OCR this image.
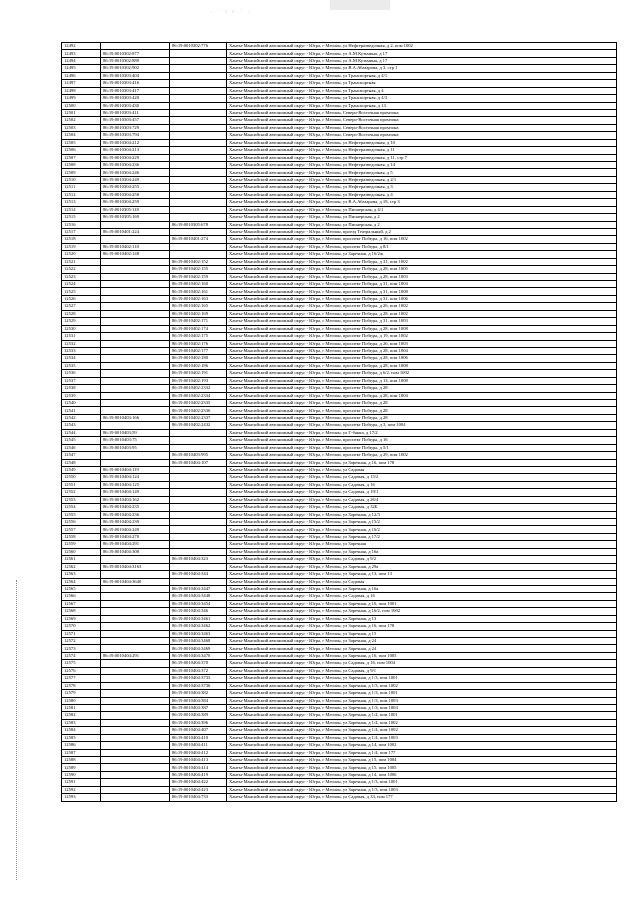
· ˈ ᵛ ᵘ ˈ ·
12492		86:19:0010302:776	Ханты-Мансийский автономный округ - Югра, г Мегион, ул Нефтеразведочная, д 2, пом 1002
12493	86:19:0010302:877		Ханты-Мансийский автономный округ - Югра, г Мегион, ул А.М.Кузьмина, д 17
12494	86:19:0010302:880		Ханты-Мансийский автономный округ - Югра, г Мегион, ул А.М.Кузьмина, д 17
12495	86:19:0010302:902		Ханты-Мансийский автономный округ - Югра, г Мегион, ул В.А.Абазарова, д 3, стр 1
12496	86:19:0010303:404		Ханты-Мансийский автономный округ - Югра, г Мегион, ул Транспортная, д 4/1
12497	86:19:0010303:416		Ханты-Мансийский автономный округ - Югра, г Мегион, ул Транспортная
12498	86:19:0010303:417		Ханты-Мансийский автономный округ - Югра, г Мегион, ул Транспортная, д 4
12499	86:19:0010303:420		Ханты-Мансийский автономный округ - Югра, г Мегион, ул Транспортная, д 4/3
12500	86:19:0010303:430		Ханты-Мансийский автономный округ - Югра, г Мегион, ул Транспортная, д 13
12501	86:19:0010303:411		Ханты-Мансийский автономный округ - Югра, г Мегион, Северо-Восточная промзона
12502	86:19:0010303:457		Ханты-Мансийский автономный округ - Югра, г Мегион, Северо-Восточная промзона
12503	86:19:0010303:729		Ханты-Мансийский автономный округ - Югра, г Мегион, Северо-Восточная промзона
12504	86:19:0010303:794		Ханты-Мансийский автономный округ - Югра, г Мегион, Северо-Восточная промзона
12505	86:19:0010304:212		Ханты-Мансийский автономный округ - Югра, г Мегион, ул Нефтеразведочная, д 10
12506	86:19:0010304:213		Ханты-Мансийский автономный округ - Югра, г Мегион, ул Нефтеразведочная, д 11
12507	86:19:0010304:229		Ханты-Мансийский автономный округ - Югра, г Мегион, ул Нефтеразведочная, д 11, стр 7
12508	86:19:0010304:236		Ханты-Мансийский автономный округ - Югра, г Мегион, ул Нефтеразведочная, д 14
12509	86:19:0010304:246		Ханты-Мансийский автономный округ - Югра, г Мегион, ул Нефтеразведочная, д 5
12510	86:19:0010304:249		Ханты-Мансийский автономный округ - Югра, г Мегион, ул Нефтеразведочная, д 2/1
12511	86:19:0010304:255		Ханты-Мансийский автономный округ - Югра, г Мегион, ул Нефтеразведочная, д 3
12512	86:19:0010304:258		Ханты-Мансийский автономный округ - Югра, г Мегион, ул Нефтеразведочная, д 4
12513	86:19:0010304:259		Ханты-Мансийский автономный округ - Югра, г Мегион, ул В.А.Абазарова, д 18, стр 3
12514	86:19:0010305:118		Ханты-Мансийский автономный округ - Югра, г Мегион, ул Пионерская, д 4/1
12515	86:19:0010305:169		Ханты-Мансийский автономный округ - Югра, г Мегион, ул Пионерская, д 2
12516		86:19:0010305:678	Ханты-Мансийский автономный округ - Югра, г Мегион, ул Пионерская, д 2
12517	86:19:0010401:224		Ханты-Мансийский автономный округ - Югра, г Мегион, проезд Театральный, д 2
12518		86:19:0010401:274	Ханты-Мансийский автономный округ - Югра, г Мегион, проспект Победы, д 16, пом 1002
12519	86:19:0010402:118		Ханты-Мансийский автономный округ - Югра, г Мегион, проспект Победы, д 8/1
12520	86:19:0010402:148		Ханты-Мансийский автономный округ - Югра, г Мегион, ул Заречная, д 16/2ж
12521		86:19:0010402:152	Ханты-Мансийский автономный округ - Югра, г Мегион, проспект Победы, д 31, пом 1002
12522		86:19:0010402:155	Ханты-Мансийский автономный округ - Югра, г Мегион, проспект Победы, д 28, пом 1005
12523		86:19:0010402:159	Ханты-Мансийский автономный округ - Югра, г Мегион, проспект Победы, д 28, пом 1003
12524		86:19:0010402:160	Ханты-Мансийский автономный округ - Югра, г Мегион, проспект Победы, д 31, пом 1004
12525		86:19:0010402:161	Ханты-Мансийский автономный округ - Югра, г Мегион, проспект Победы, д 31, пом 1008
12526		86:19:0010402:163	Ханты-Мансийский автономный округ - Югра, г Мегион, проспект Победы, д 31, пом 1006
12527		86:19:0010402:165	Ханты-Мансийский автономный округ - Югра, г Мегион, проспект Победы, д 26, пом 1002
12528		86:19:0010402:169	Ханты-Мансийский автономный округ - Югра, г Мегион, проспект Победы, д 28, пом 1002
12529		86:19:0010402:171	Ханты-Мансийский автономный округ - Югра, г Мегион, проспект Победы, д 31, пом 1003
12530		86:19:0010402:174	Ханты-Мансийский автономный округ - Югра, г Мегион, проспект Победы, д 28, пом 1008
12531		86:19:0010402:175	Ханты-Мансийский автономный округ - Югра, г Мегион, проспект Победы, д 19, пом 1002
12532		86:19:0010402:176	Ханты-Мансийский автономный округ - Югра, г Мегион, проспект Победы, д 26, пом 1003
12533		86:19:0010402:177	Ханты-Мансийский автономный округ - Югра, г Мегион, проспект Победы, д 28, пом 1004
12534		86:19:0010402:180	Ханты-Мансийский автономный округ - Югра, г Мегион, проспект Победы, д 28, пом 1006
12535		86:19:0010402:186	Ханты-Мансийский автономный округ - Югра, г Мегион, проспект Победы, д 28, пом 1008
12536		86:19:0010402:191	Ханты-Мансийский автономный округ - Югра, г Мегион, проспект Победы, д 6/2, пом 1002
12537		86:19:0010402:193	Ханты-Мансийский автономный округ - Югра, г Мегион, проспект Победы, д 13, пом 1008
12538		86:19:0010402:2332	Ханты-Мансийский автономный округ - Югра, г Мегион, проспект Победы, д 28
12539		86:19:0010402:2334	Ханты-Мансийский автономный округ - Югра, г Мегион, проспект Победы, д 28, пом 1004
12540		86:19:0010402:2335	Ханты-Мансийский автономный округ - Югра, г Мегион, проспект Победы, д 28
12541		86:19:0010402:2336	Ханты-Мансийский автономный округ - Югра, г Мегион, проспект Победы, д 28
12542	86:19:0010403:166	86:19:0010402:2337	Ханты-Мансийский автономный округ - Югра, г Мегион, проспект Победы, д 28
12543		86:19:0010402:2432	Ханты-Мансийский автономный округ - Югра, г Мегион, проспект Победы, д 3, пом 1004
12544	86:19:0010403:59		Ханты-Мансийский автономный округ - Югра, г Мегион, ул Г-банка, д 17/2
12545	86:19:0010403:75		Ханты-Мансийский автономный округ - Югра, г Мегион, проспект Победы, д 16
12546	86:19:0010403:95		Ханты-Мансийский автономный округ - Югра, г Мегион, проспект Победы, д 5/1
12547		86:19:0010403:995	Ханты-Мансийский автономный округ - Югра, г Мегион, проспект Победы, д 29, пом 1002
12548		86:19:0010404:107	Ханты-Мансийский автономный округ - Югра, г Мегион, ул Заречная, д 16, пом 178
12549	86:19:0010404:119		Ханты-Мансийский автономный округ - Югра, г Мегион, ул Садовая
12550	86:19:0010404:124		Ханты-Мансийский автономный округ - Югра, г Мегион, ул Садовая, д 15/2
12551	86:19:0010404:125		Ханты-Мансийский автономный округ - Югра, г Мегион, ул Садовая, д 16
12552	86:19:0010404:149		Ханты-Мансийский автономный округ - Югра, г Мегион, ул Садовая, д 19/1
12553	86:19:0010404:162		Ханты-Мансийский автономный округ - Югра, г Мегион, ул Садовая, д 26/4
12554	86:19:0010404:235		Ханты-Мансийский автономный округ - Югра, г Мегион, ул Садовая, д 32Б
12555	86:19:0010404:236		Ханты-Мансийский автономный округ - Югра, г Мегион, ул Заречная, д 12/3
12556	86:19:0010404:239		Ханты-Мансийский автономный округ - Югра, г Мегион, ул Заречная, д 15/2
12557	86:19:0010404:249		Ханты-Мансийский автономный округ - Югра, г Мегион, ул Заречная, д 16/2
12558	86:19:0010404:270		Ханты-Мансийский автономный округ - Югра, г Мегион, ул Заречная, д 17/2
12559	86:19:0010404:291		Ханты-Мансийский автономный округ - Югра, г Мегион, ул Заречная
12560	86:19:0010404:308		Ханты-Мансийский автономный округ - Югра, г Мегион, ул Заречная, д 16а
12561		86:19:0010404:323	Ханты-Мансийский автономный округ - Югра, г Мегион, ул Садовая, д 9/2
12562	86:19:0010404:3163		Ханты-Мансийский автономный округ - Югра, г Мегион, ул Заречная, д 29а
12563		86:19:0010404:344	Ханты-Мансийский автономный округ - Югра, г Мегион, ул Заречная, д 13, пом 13
12564	86:19:0010404:3640		Ханты-Мансийский автономный округ - Югра, г Мегион, ул Садовая
12565		86:19:0010404:3447	Ханты-Мансийский автономный округ - Югра, г Мегион, ул Заречная, д 16а
12566		86:19:0010404:3448	Ханты-Мансийский автономный округ - Югра, г Мегион, ул Садовая, д 16
12567		86:19:0010404:3454	Ханты-Мансийский автономный округ - Югра, г Мегион, ул Заречная, д 16, пом 1001
12568		86:19:0010404:346	Ханты-Мансийский автономный округ - Югра, г Мегион, ул Заречная, д 16/2, пом 1002
12569		86:19:0010404:3461	Ханты-Мансийский автономный округ - Югра, г Мегион, ул Заречная, д 13
12570		86:19:0010404:3462	Ханты-Мансийский автономный округ - Югра, г Мегион, ул Заречная, д 16, пом 178
12571		86:19:0010404:3463	Ханты-Мансийский автономный округ - Югра, г Мегион, ул Заречная, д 15
12572		86:19:0010404:3468	Ханты-Мансийский автономный округ - Югра, г Мегион, ул Заречная, д 24
12573		86:19:0010404:3469	Ханты-Мансийский автономный округ - Югра, г Мегион, ул Заречная, д 24
12574	86:19:0010404:291	86:19:0010404:3470	Ханты-Мансийский автономный округ - Югра, г Мегион, ул Заречная, д 16, пом 1005
12575		86:19:0010404:370	Ханты-Мансийский автономный округ - Югра, г Мегион, ул Садовая, д 16, пом 1004
12576		86:19:0010404:372	Ханты-Мансийский автономный округ - Югра, г Мегион, ул Садовая, д 9/1
12577		86:19:0010404:3733	Ханты-Мансийский автономный округ - Югра, г Мегион, ул Заречная, д 1/3, пом 1001
12578		86:19:0010404:3736	Ханты-Мансийский автономный округ - Югра, г Мегион, ул Заречная, д 1/3, пом 1002
12579		86:19:0010404:382	Ханты-Мансийский автономный округ - Югра, г Мегион, ул Заречная, д 1/3, пом 1001
12580		86:19:0010404:384	Ханты-Мансийский автономный округ - Югра, г Мегион, ул Заречная, д 1/3, пом 1003
12581		86:19:0010404:387	Ханты-Мансийский автономный округ - Югра, г Мегион, ул Заречная, д 1/3, пом 1004
12582		86:19:0010404:389	Ханты-Мансийский автономный округ - Югра, г Мегион, ул Заречная, д 1/4, пом 1001
12583		86:19:0010404:396	Ханты-Мансийский автономный округ - Югра, г Мегион, ул Заречная, д 1/4, пом 1002
12584		86:19:0010404:407	Ханты-Мансийский автономный округ - Югра, г Мегион, ул Заречная, д 1/4, пом 1002
12585		86:19:0010404:410	Ханты-Мансийский автономный округ - Югра, г Мегион, ул Заречная, д 1/4, пом 1003
12586		86:19:0010404:411	Ханты-Мансийский автономный округ - Югра, г Мегион, ул Заречная, д 14, пом 1002
12587		86:19:0010404:412	Ханты-Мансийский автономный округ - Югра, г Мегион, ул Заречная, д 1/4, пом 177
12588		86:19:0010404:413	Ханты-Мансийский автономный округ - Югра, г Мегион, ул Заречная, д 15, пом 1004
12589		86:19:0010404:414	Ханты-Мансийский автономный округ - Югра, г Мегион, ул Заречная, д 15, пом 1005
12590		86:19:0010404:419	Ханты-Мансийский автономный округ - Югра, г Мегион, ул Заречная, д 14, пом 1006
12591		86:19:0010404:422	Ханты-Мансийский автономный округ - Югра, г Мегион, ул Заречная, д 1/3, пом 1001
12592		86:19:0010404:423	Ханты-Мансийский автономный округ - Югра, г Мегион, ул Заречная, д 1/3, пом 1003
12593		86:19:0010404:733	Ханты-Мансийский автономный округ - Югра, г Мегион, ул Садовая, д 33, пом 177
